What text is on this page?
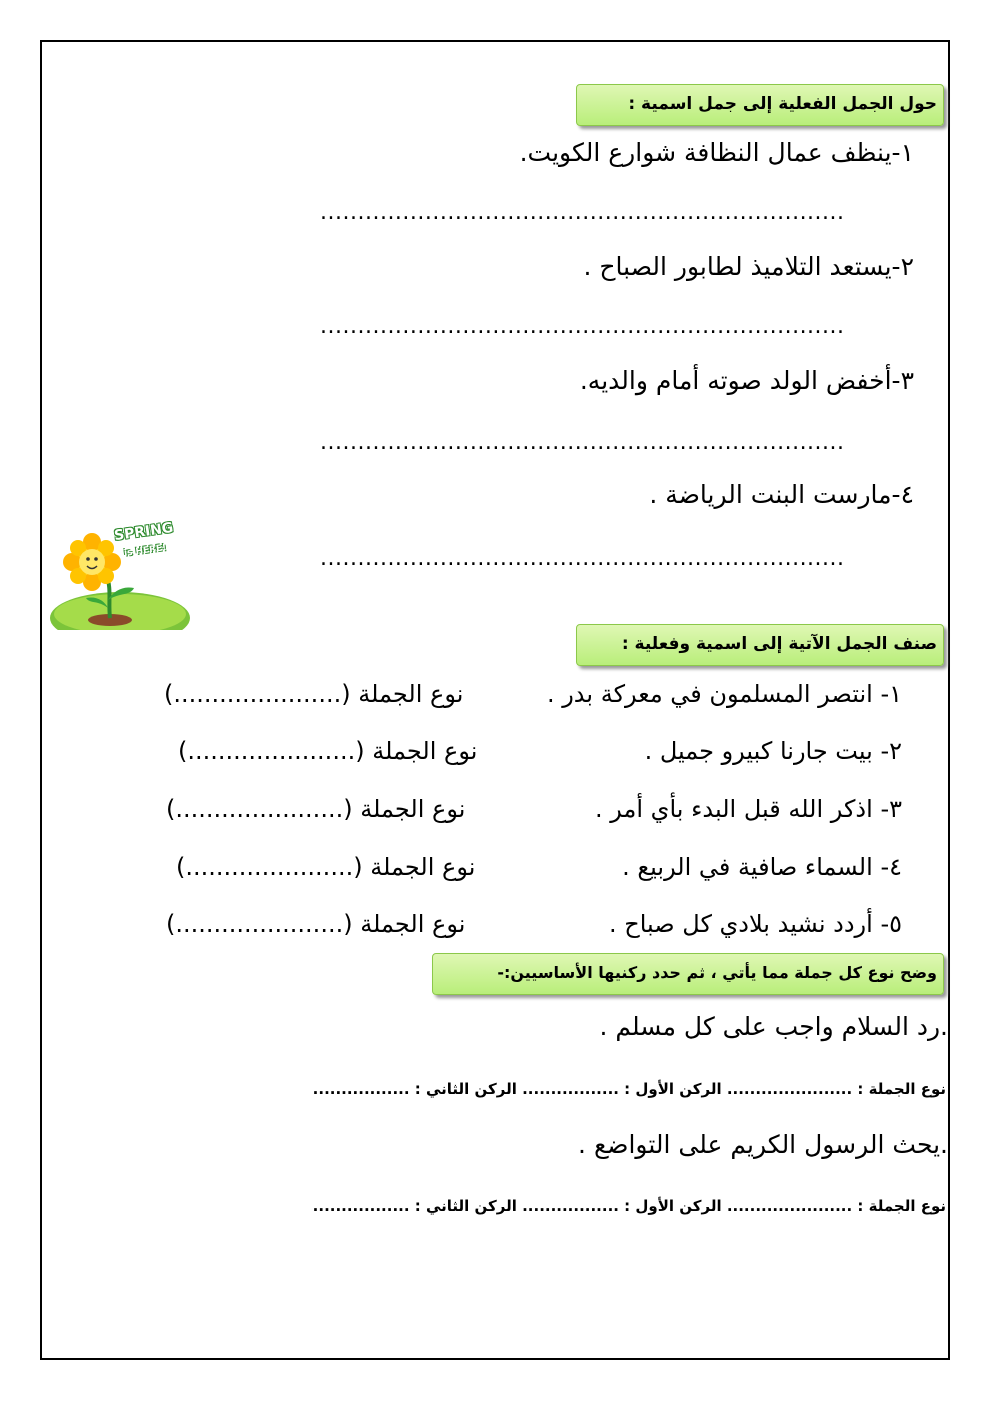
حول الجمل الفعلية إلى جمل اسمية :
١-ينظف عمال النظافة شوارع الكويت.
......................................................................
٢-يستعد التلاميذ لطابور الصباح .
......................................................................
٣-أخفض الولد صوته أمام والديه.
......................................................................
٤-مارست البنت الرياضة .
......................................................................
SPRING
is HERE!
صنف الجمل الآتية إلى اسمية وفعلية :
١- انتصر المسلمون في معركة بدر .
نوع الجملة (......................)
٢- بيت جارنا كبيرو جميل .
نوع الجملة (......................)
٣- اذكر الله قبل البدء بأي أمر .
نوع الجملة (......................)
٤- السماء صافية في الربيع .
نوع الجملة (......................)
٥- أردد نشيد بلادي كل صباح .
نوع الجملة (......................)
وضح نوع كل جملة مما يأتي ، ثم حدد ركنيها الأساسيين:-
.رد السلام واجب على كل مسلم .
نوع الجملة : ...................... الركن الأول : ................. الركن الثاني : .................
.يحث الرسول الكريم على التواضع .
نوع الجملة : ...................... الركن الأول : ................. الركن الثاني : .................
